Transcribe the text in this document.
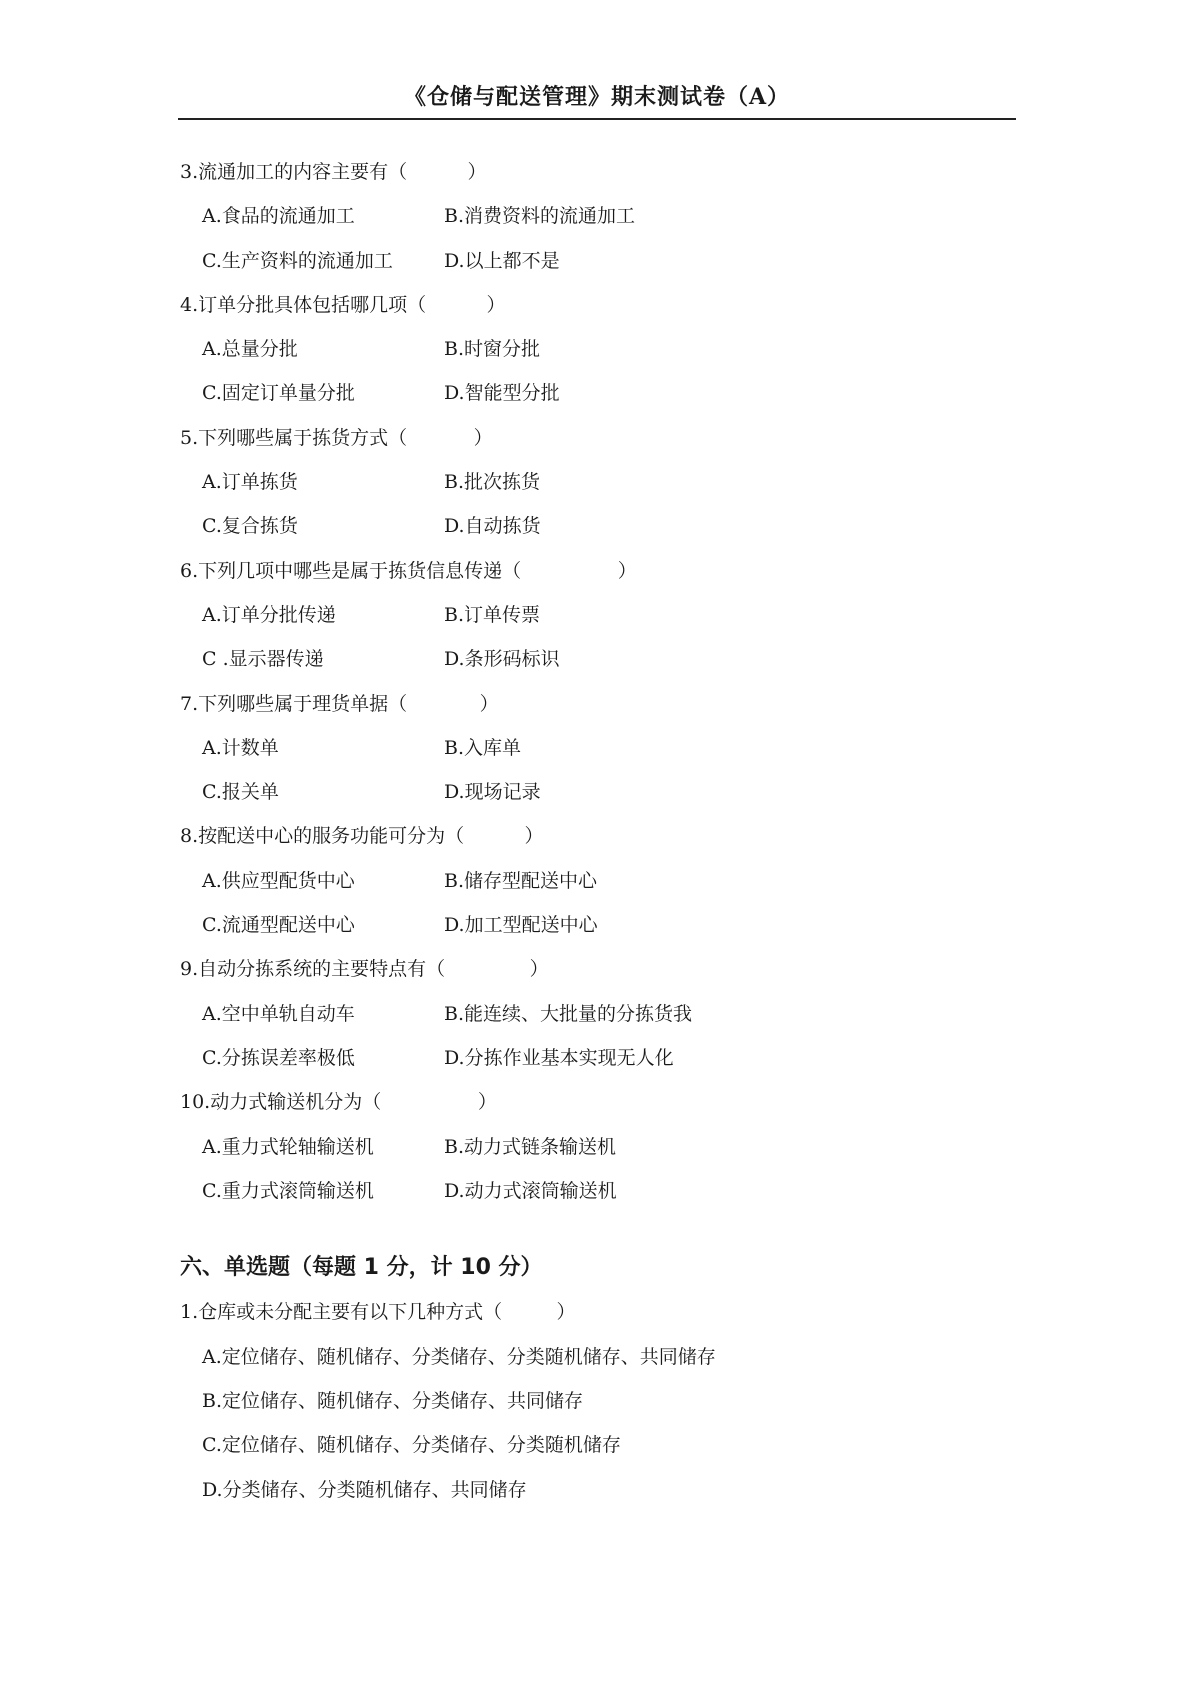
《仓储与配送管理》期末测试卷（A）
3.流通加工的内容主要有（          ）
A.食品的流通加工	B.消费资料的流通加工
C.生产资料的流通加工	D.以上都不是
4.订单分批具体包括哪几项（          ）
A.总量分批	B.时窗分批
C.固定订单量分批	D.智能型分批
5.下列哪些属于拣货方式（           ）
A.订单拣货	B.批次拣货
C.复合拣货	D.自动拣货
6.下列几项中哪些是属于拣货信息传递（                ）
A.订单分批传递	B.订单传票
C .显示器传递	D.条形码标识
7.下列哪些属于理货单据（            ）
A.计数单	B.入库单
C.报关单	D.现场记录
8.按配送中心的服务功能可分为（          ）
A.供应型配货中心	B.储存型配送中心
C.流通型配送中心	D.加工型配送中心
9.自动分拣系统的主要特点有（              ）
A.空中单轨自动车	B.能连续、大批量的分拣货我
C.分拣误差率极低	D.分拣作业基本实现无人化
10.动力式输送机分为（                ）
A.重力式轮轴输送机	B.动力式链条输送机
C.重力式滚筒输送机	D.动力式滚筒输送机
六、单选题（每题 1 分，计 10 分）
1.仓库或未分配主要有以下几种方式（         ）
A.定位储存、随机储存、分类储存、分类随机储存、共同储存
B.定位储存、随机储存、分类储存、共同储存
C.定位储存、随机储存、分类储存、分类随机储存
D.分类储存、分类随机储存、共同储存
